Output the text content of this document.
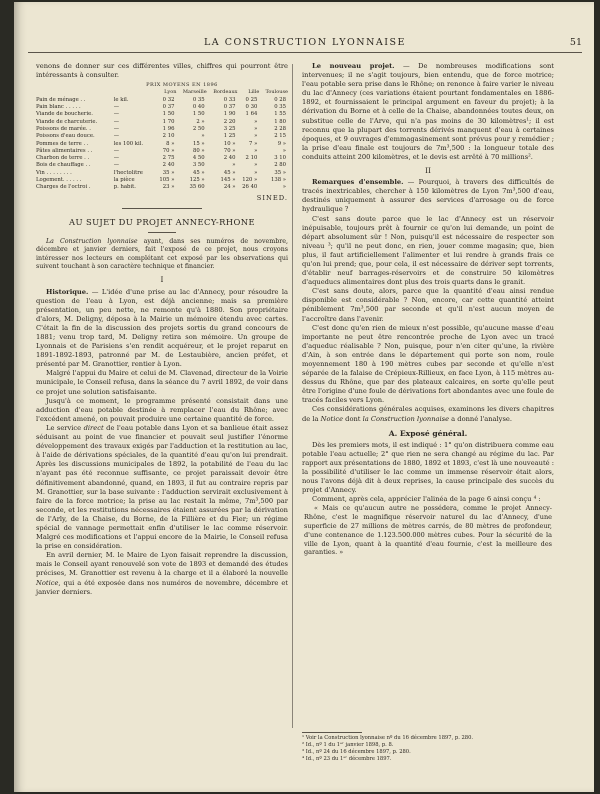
LA CONSTRUCTION LYONNAISE	51

venons de donner sur ces différentes villes, chiffres qui pourront être intéressants à consulter.

PRIX MOYENS EN 1896						
		Lyon	Marseille	Bordeaux	Lille	Toulouse
Pain de ménage . .	le kil.	0 32	0 35	0 33	0 25	0 28
Pain blanc . . . . .	—	0 37	0 40	0 37	0 30	0 35
Viande de boucherie.	—	1 50	1 50	1 90	1 64	1 55
Viande de charcuterie.	—	1 70	2 »	2 20	»	1 80
Poissons de marée. .	—	1 96	2 50	3 25	»	2 28
Poissons d'eau douce.	—	2 10	»	1 25	»	2 15
Pommes de terre . .	les 100 kil.	8 »	15 »	10 »	7 »	9 »
Pâtes alimentaires . .	—	70 »	80 »	70 »	»	»
Charbon de terre . .	—	2 75	4 50	2 40	2 10	3 10
Bois de chauffage . .	—	2 40	3 50	»	»	2 80
Vin . . . . . . . .	l'hectolitre	35 »	45 »	45 »	»	35 »
Logement. . . . . .	la pièce	105 »	125 »	145 »	120 »	138 »
Charges de l'octroi .	p. habit.	23 »	35 60	24 »	26 40	»
SINED.
AU SUJET DU PROJET ANNECY-RHONE

La Construction lyonnaise ayant, dans ses numéros de novembre, décembre et janvier derniers, fait l'exposé de ce projet, nous croyons intéresser nos lecteurs en complétant cet exposé par les observations qui suivent touchant à son caractère technique et financier.

I

Historique. — L'idée d'une prise au lac d'Annecy, pour résoudre la question de l'eau à Lyon, est déjà ancienne; mais sa première présentation, un peu nette, ne remonte qu'à 1880. Son propriétaire d'alors, M. Deligny, déposa à la Mairie un mémoire étendu avec cartes. C'était la fin de la discussion des projets sortis du grand concours de 1881; venu trop tard, M. Deligny retira son mémoire. Un groupe de Lyonnais et de Parisiens s'en rendit acquéreur, et le projet reparut en 1891-1892-1893, patronné par M. de Lestaubière, ancien préfet, et présenté par M. Granottier, rentier à Lyon.

Malgré l'appui du Maire et celui de M. Clavenad, directeur de la Voirie municipale, le Conseil refusa, dans la séance du 7 avril 1892, de voir dans ce projet une solution satisfaisante.

Jusqu'à ce moment, le programme présenté consistait dans une adduction d'eau potable destinée à remplacer l'eau du Rhône; avec l'excédent amené, on pouvait produire une certaine quantité de force.

Le service direct de l'eau potable dans Lyon et sa banlieue était assez séduisant au point de vue financier et pouvait seul justifier l'énorme développement des travaux exigés par l'adduction et la restitution au lac, à l'aide de dérivations spéciales, de la quantité d'eau qu'on lui prendrait. Après les discussions municipales de 1892, la potabilité de l'eau du lac n'ayant pas été reconnue suffisante, ce projet paraissait devoir être définitivement abandonné, quand, en 1893, il fut au contraire repris par M. Granottier, sur la base suivante : l'adduction servirait exclusivement à faire de la force motrice; la prise au lac restait la même, 7m³,500 par seconde, et les restitutions nécessaires étaient assurées par la dérivation de l'Arly, de la Chaise, du Borne, de la Fillière et du Fier; un régime spécial de vannage permettait enfin d'utiliser le lac comme réservoir. Malgré ces modifications et l'appui encore de la Mairie, le Conseil refusa la prise en considération.

En avril dernier, M. le Maire de Lyon faisait reprendre la discussion, mais le Conseil ayant renouvelé son vote de 1893 et demandé des études précises, M. Granottier est revenu à la charge et il a élaboré la nouvelle Notice, qui a été exposée dans nos numéros de novembre, décembre et janvier derniers.

Le nouveau projet. — De nombreuses modifications sont intervenues; il ne s'agit toujours, bien entendu, que de force motrice; l'eau potable sera prise dans le Rhône; on renonce à faire varier le niveau du lac d'Annecy (ces variations étaient pourtant fondamentales en 1886-1892, et fournissaient le principal argument en faveur du projet); à la dérivation du Borne et à celle de la Chaise, abandonnées toutes deux, on substitue celle de l'Arve, qui n'a pas moins de 30 kilomètres¹; il est reconnu que la plupart des torrents dérivés manquent d'eau à certaines époques, et 9 ouvrages d'emmagasinement sont prévus pour y remédier ; la prise d'eau finale est toujours de 7m³,500 : la longueur totale des conduits atteint 200 kilomètres, et le devis est arrêté à 70 millions².

II

Remarques d'ensemble. — Pourquoi, à travers des difficultés de tracés inextricables, chercher à 150 kilomètres de Lyon 7m³,500 d'eau, destinés uniquement à assurer des services d'arrosage ou de force hydraulique ?

C'est sans doute parce que le lac d'Annecy est un réservoir inépuisable, toujours prêt à fournir ce qu'on lui demande, un point de départ absolument sûr ! Non, puisqu'il est nécessaire de respecter son niveau ³; qu'il ne peut donc, en rien, jouer comme magasin; que, bien plus, il faut artificiellement l'alimenter et lui rendre à grands frais ce qu'on lui prend; que, pour cela, il est nécessaire de dériver sept torrents, d'établir neuf barrages-réservoirs et de construire 50 kilomètres d'aqueducs alimentaires dont plus des trois quarts dans le granit.

C'est sans doute, alors, parce que la quantité d'eau ainsi rendue disponible est considérable ? Non, encore, car cette quantité atteint péniblement 7m³,500 par seconde et qu'il n'est aucun moyen de l'accroître dans l'avenir.

C'est donc qu'en rien de mieux n'est possible, qu'aucune masse d'eau importante ne peut être rencontrée proche de Lyon avec un tracé d'aqueduc réalisable ? Non, puisque, pour n'en citer qu'une, la rivière d'Ain, à son entrée dans le département qui porte son nom, roule moyennement 180 à 190 mètres cubes par seconde et qu'elle n'est séparée de la falaise de Crépieux-Rillieux, en face Lyon, à 115 mètres au-dessus du Rhône, que par des plateaux calcaires, en sorte qu'elle peut être l'origine d'une foule de dérivations fort abondantes avec une foule de tracés faciles vers Lyon.

Ces considérations générales acquises, examinons les divers chapitres de la Notice dont la Construction lyonnaise a donné l'analyse.

A. Exposé général.

Dès les premiers mots, il est indiqué : 1° qu'on distribuera comme eau potable l'eau actuelle; 2° que rien ne sera changé au régime du lac. Par rapport aux présentations de 1880, 1892 et 1893, c'est là une nouveauté : la possibilité d'utiliser le lac comme un immense réservoir était alors, nous l'avons déjà dit à deux reprises, la cause principale des succès du projet d'Annecy.

Comment, après cela, apprécier l'alinéa de la page 6 ainsi conçu ⁴ :

« Mais ce qu'aucun autre ne possédera, comme le projet Annecy-Rhône, c'est le magnifique réservoir naturel du lac d'Annecy, d'une superficie de 27 millions de mètres carrés, de 80 mètres de profondeur, d'une contenance de 1.123.500.000 mètres cubes. Pour la sécurité de la ville de Lyon, quant à la quantité d'eau fournie, c'est la meilleure des garanties. »

¹ Voir la Construction lyonnaise nº du 16 décembre 1897, p. 280.
² Id., nº 1 du 1ᵉʳ janvier 1898, p. 8.
³ Id., nº 24 du 16 décembre 1897, p. 280.
⁴ Id., nº 23 du 1ᵉʳ décembre 1897.
